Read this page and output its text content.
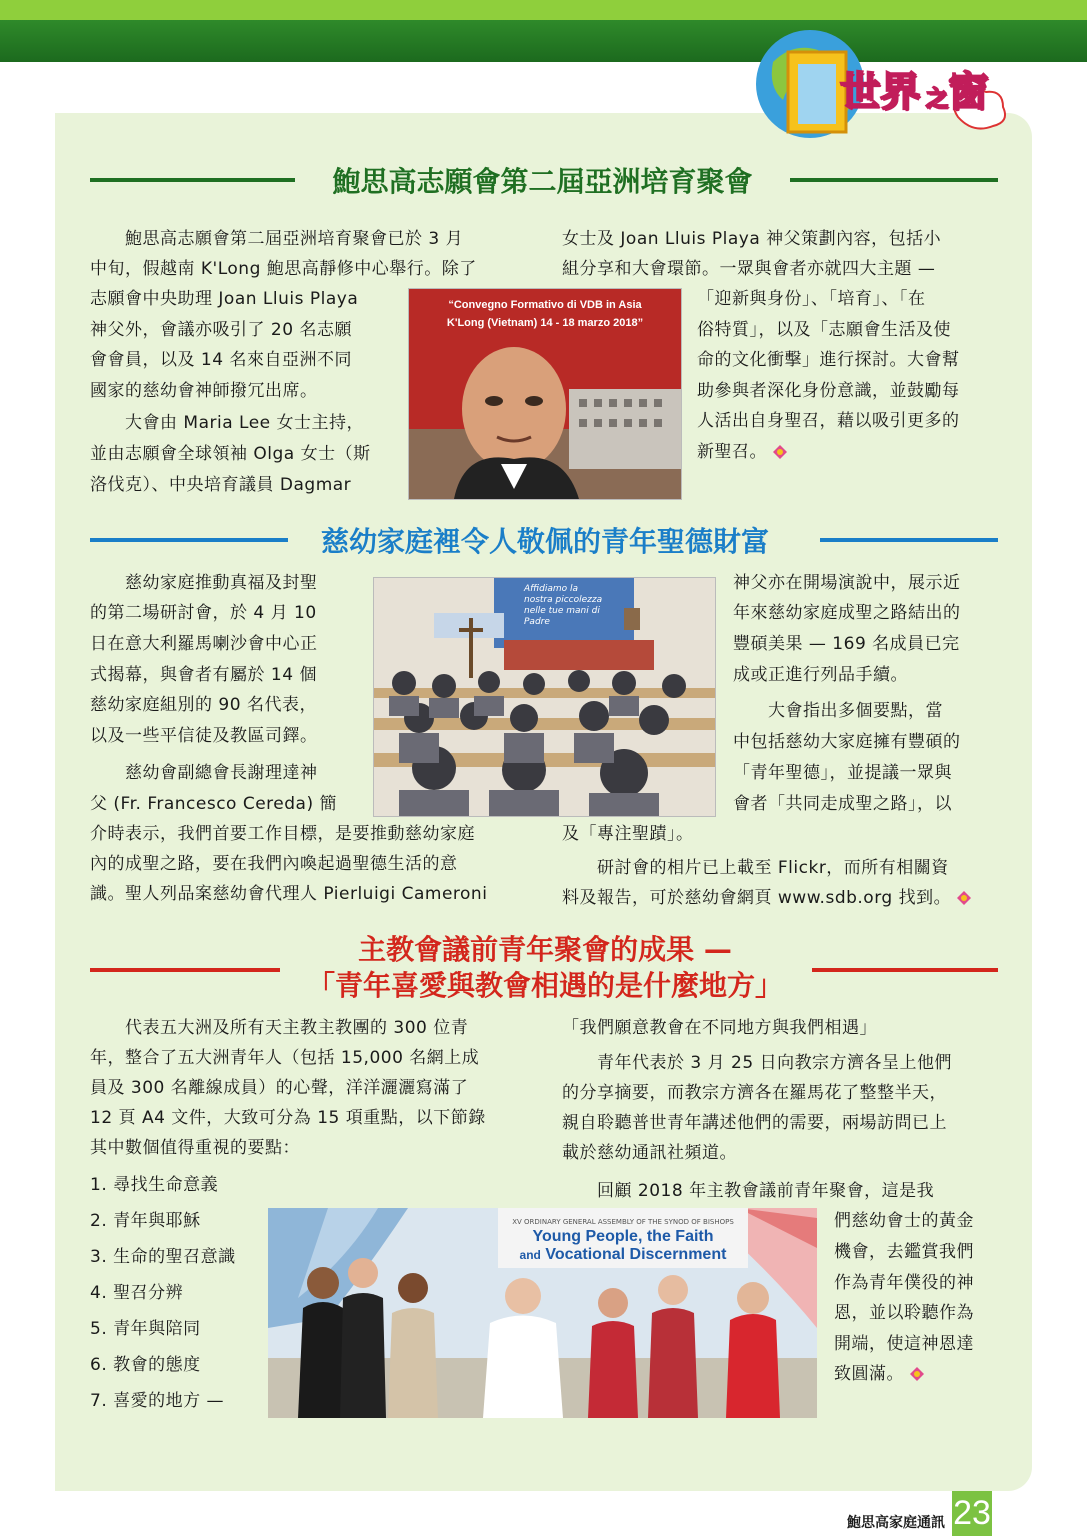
世界 之 窗
鮑思高志願會第二屆亞洲培育聚會
　　鮑思高志願會第二屆亞洲培育聚會已於 3 月
中旬，假越南 K'Long 鮑思高靜修中心舉行。除了
志願會中央助理 Joan Lluis Playa
神父外，會議亦吸引了 20 名志願
會會員，以及 14 名來自亞洲不同
國家的慈幼會神師撥冗出席。
　　大會由 Maria Lee 女士主持，
並由志願會全球領袖 Olga 女士（斯
洛伐克）、中央培育議員 Dagmar
“Convegno Formativo di VDB in Asia
K'Long (Vietnam) 14 - 18 marzo 2018”
女士及 Joan Lluis Playa 神父策劃內容，包括小
組分享和大會環節。一眾與會者亦就四大主題 —
「迎新與身份」、「培育」、「在
俗特質」，以及「志願會生活及使
命的文化衝擊」進行探討。大會幫
助參與者深化身份意識，並鼓勵每
人活出自身聖召，藉以吸引更多的
新聖召。
慈幼家庭裡令人敬佩的青年聖德財富
　　慈幼家庭推動真福及封聖
的第二場研討會，於 4 月 10
日在意大利羅馬喇沙會中心正
式揭幕，與會者有屬於 14 個
慈幼家庭組別的 90 名代表，
以及一些平信徒及教區司鐸。
　　慈幼會副總會長謝理達神
父 (Fr. Francesco Cereda) 簡
介時表示，我們首要工作目標，是要推動慈幼家庭
內的成聖之路，要在我們內喚起過聖德生活的意
識。聖人列品案慈幼會代理人 Pierluigi Cameroni
Affidiamo la nostra piccolezza nelle tue mani di Padre
神父亦在開場演說中，展示近
年來慈幼家庭成聖之路結出的
豐碩美果 — 169 名成員已完
成或正進行列品手續。
　　大會指出多個要點，當
中包括慈幼大家庭擁有豐碩的
「青年聖德」，並提議一眾與
會者「共同走成聖之路」，以
及「專注聖蹟」。
　　研討會的相片已上載至 Flickr，而所有相關資
料及報告，可於慈幼會網頁 www.sdb.org 找到。
主教會議前青年聚會的成果 —
「青年喜愛與教會相遇的是什麼地方」
　　代表五大洲及所有天主教主教團的 300 位青
年，整合了五大洲青年人（包括 15,000 名網上成
員及 300 名離線成員）的心聲，洋洋灑灑寫滿了
12 頁 A4 文件，大致可分為 15 項重點，以下節錄
其中數個值得重視的要點：
1. 尋找生命意義
2. 青年與耶穌
3. 生命的聖召意識
4. 聖召分辨
5. 青年與陪同
6. 教會的態度
7. 喜愛的地方 —
XV ORDINARY GENERAL ASSEMBLY OF THE SYNOD OF BISHOPS
Young People, the Faith
and Vocational Discernment
「我們願意教會在不同地方與我們相遇」
　　青年代表於 3 月 25 日向教宗方濟各呈上他們
的分享摘要，而教宗方濟各在羅馬花了整整半天，
親自聆聽普世青年講述他們的需要，兩場訪問已上
載於慈幼通訊社頻道。
　　回顧 2018 年主教會議前青年聚會，這是我
們慈幼會士的黃金
機會，去鑑賞我們
作為青年僕役的神
恩，並以聆聽作為
開端，使這神恩達
致圓滿。
鮑思高家庭通訊 23
